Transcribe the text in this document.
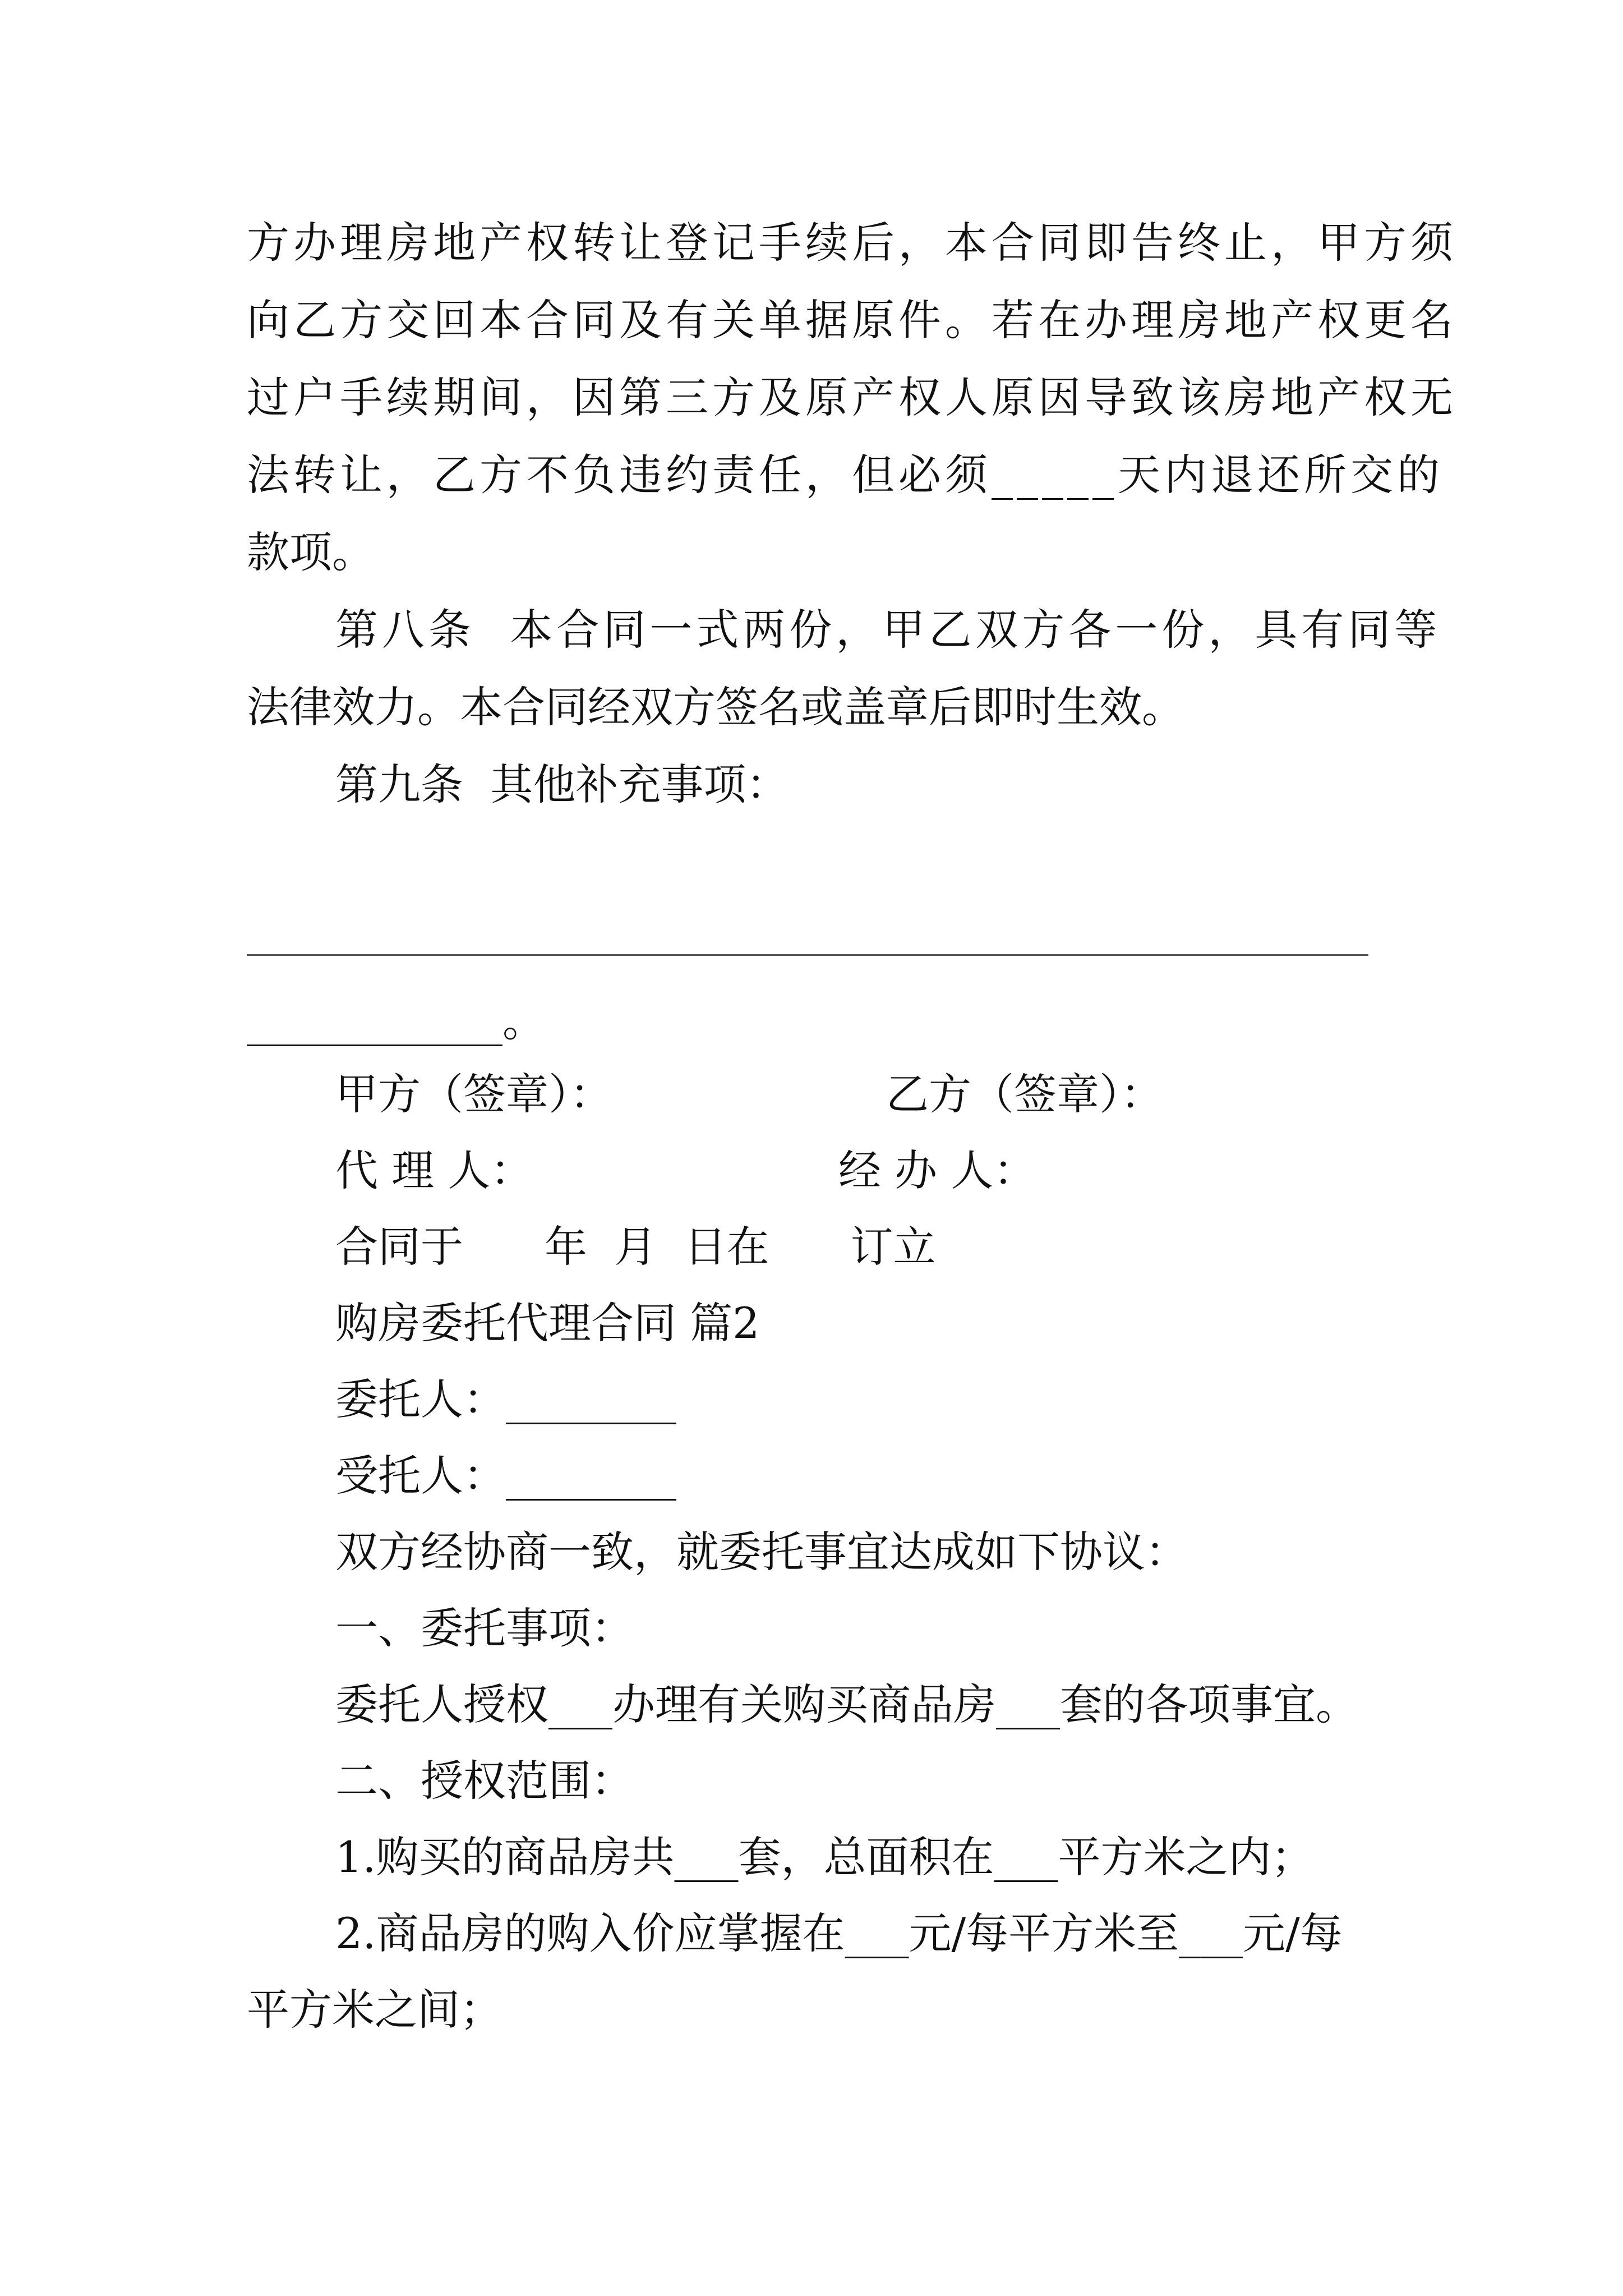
方办理房地产权转让登记手续后，本合同即告终止，甲方须
向乙方交回本合同及有关单据原件。若在办理房地产权更名
过户手续期间，因第三方及原产权人原因导致该房地产权无
法转让，乙方不负违约责任，但必须_____天内退还所交的
款项。
第八条  本合同一式两份，甲乙双方各一份，具有同等
法律效力。本合同经双方签名或盖章后即时生效。
第九条  其他补充事项：
____________。
甲方（签章）：	乙方（签章）：
代 理 人：	经 办 人：
合同于      年  月  日在      订立
购房委托代理合同 篇2
委托人：________
受托人：________
双方经协商一致，就委托事宜达成如下协议：
一、委托事项：
委托人授权___办理有关购买商品房___套的各项事宜。
二、授权范围：
1.购买的商品房共___套，总面积在___平方米之内；
2.商品房的购入价应掌握在___元/每平方米至___元/每
平方米之间；
